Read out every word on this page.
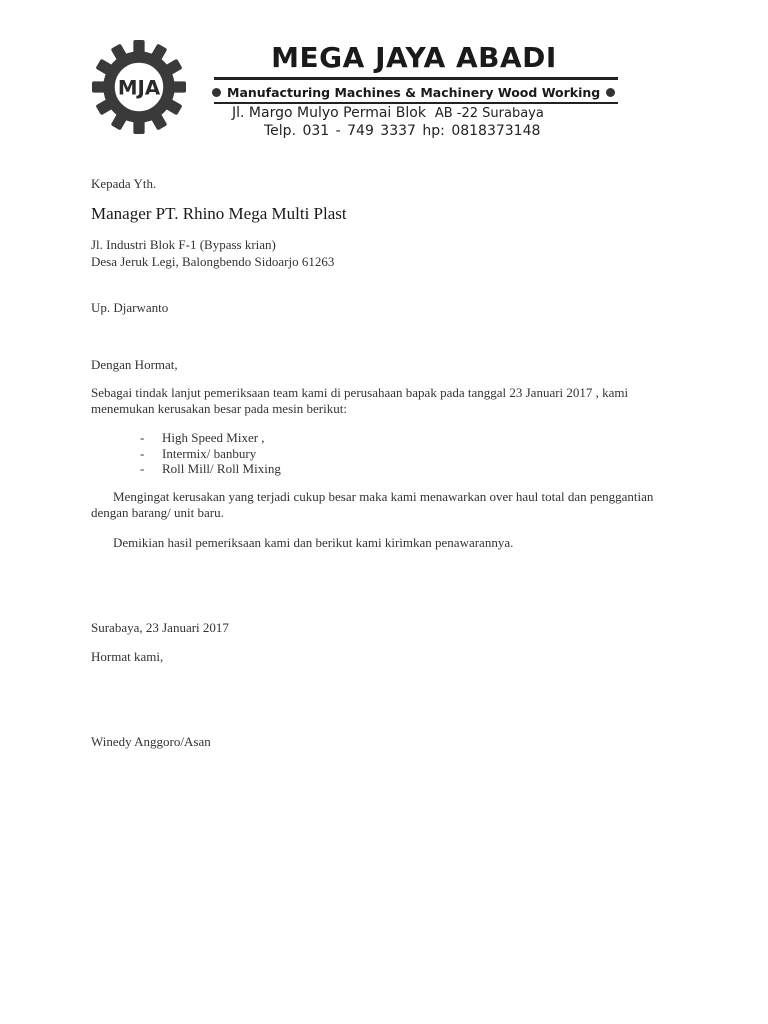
MJA
MEGA JAYA ABADI
Manufacturing Machines & Machinery Wood Working
Jl. Margo Mulyo Permai Blok AB -22 Surabaya
Telp. 031 - 749 3337 hp: 0818373148
Kepada Yth.
Manager PT. Rhino Mega Multi Plast
Jl. Industri Blok F-1 (Bypass krian)
Desa Jeruk Legi, Balongbendo Sidoarjo 61263
Up. Djarwanto
Dengan Hormat,
Sebagai tindak lanjut pemeriksaan team kami di perusahaan bapak pada tanggal 23 Januari 2017 , kami menemukan kerusakan besar pada mesin berikut:
-	High Speed Mixer ,
-	Intermix/ banbury
-	Roll Mill/ Roll Mixing
Mengingat kerusakan yang terjadi cukup besar maka kami menawarkan over haul total dan penggantian dengan barang/ unit baru.
Demikian hasil pemeriksaan kami dan berikut kami kirimkan penawarannya.
Surabaya, 23 Januari 2017
Hormat kami,
Winedy Anggoro/Asan
